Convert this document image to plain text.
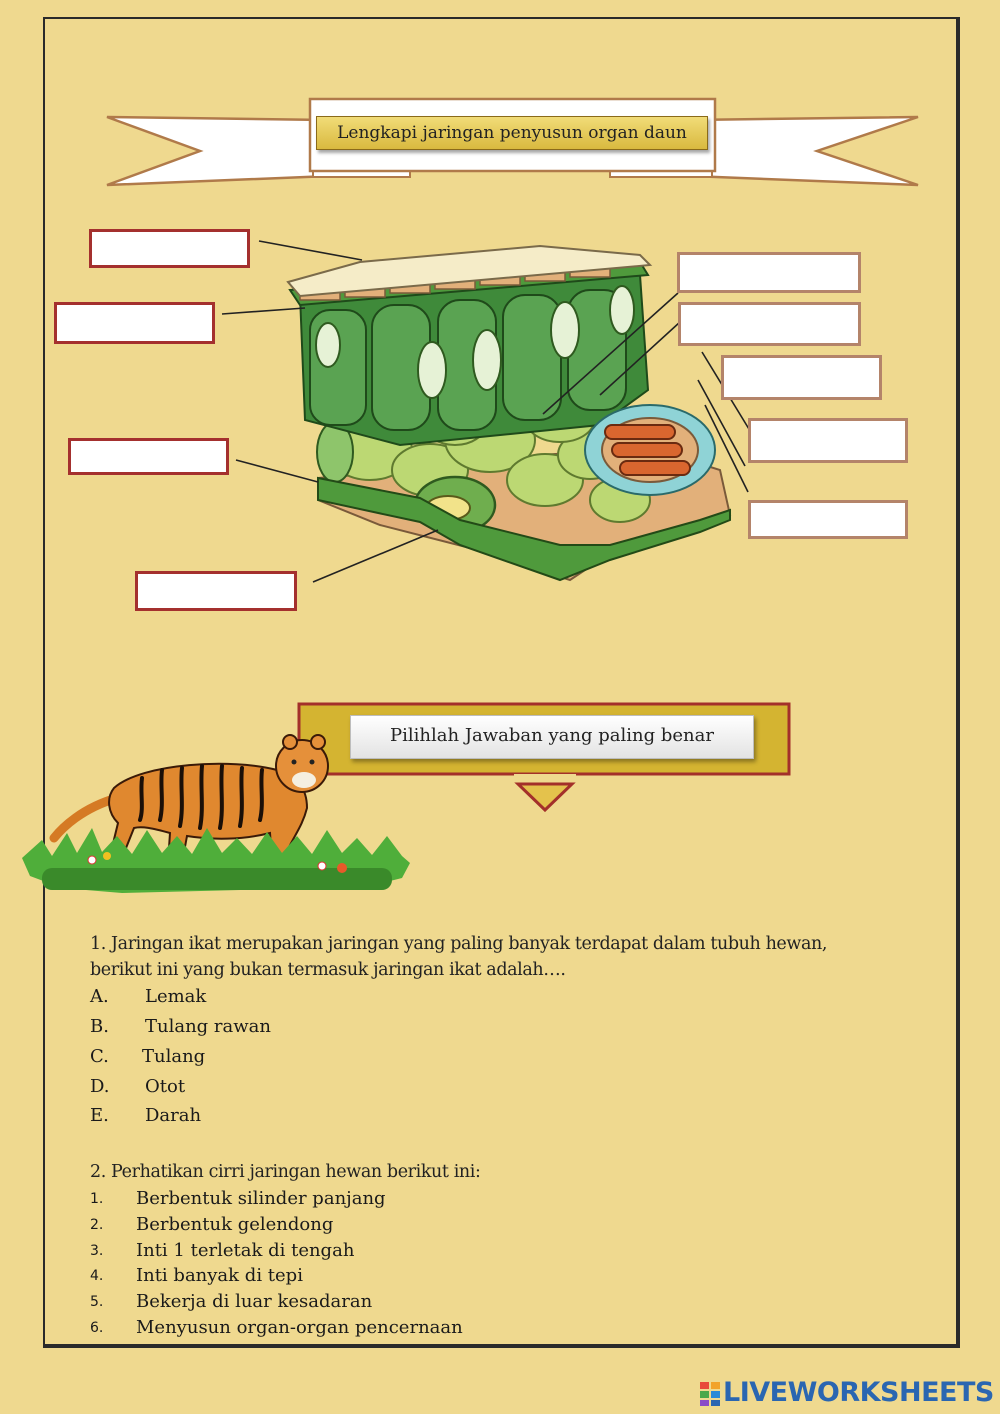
Lengkapi jaringan penyusun organ daun
Pilihlah Jawaban yang paling benar
1. Jaringan ikat merupakan jaringan yang paling banyak terdapat dalam tubuh hewan,
berikut ini yang bukan termasuk jaringan ikat adalah….
A. Lemak
B. Tulang rawan
C. Tulang
D. Otot
E. Darah
2. Perhatikan cirri jaringan hewan berikut ini:
1. Berbentuk silinder panjang
2. Berbentuk gelendong
3. Inti 1 terletak di tengah
4. Inti banyak di tepi
5. Bekerja di luar kesadaran
6. Menyusun organ-organ pencernaan
LIVEWORKSHEETS
